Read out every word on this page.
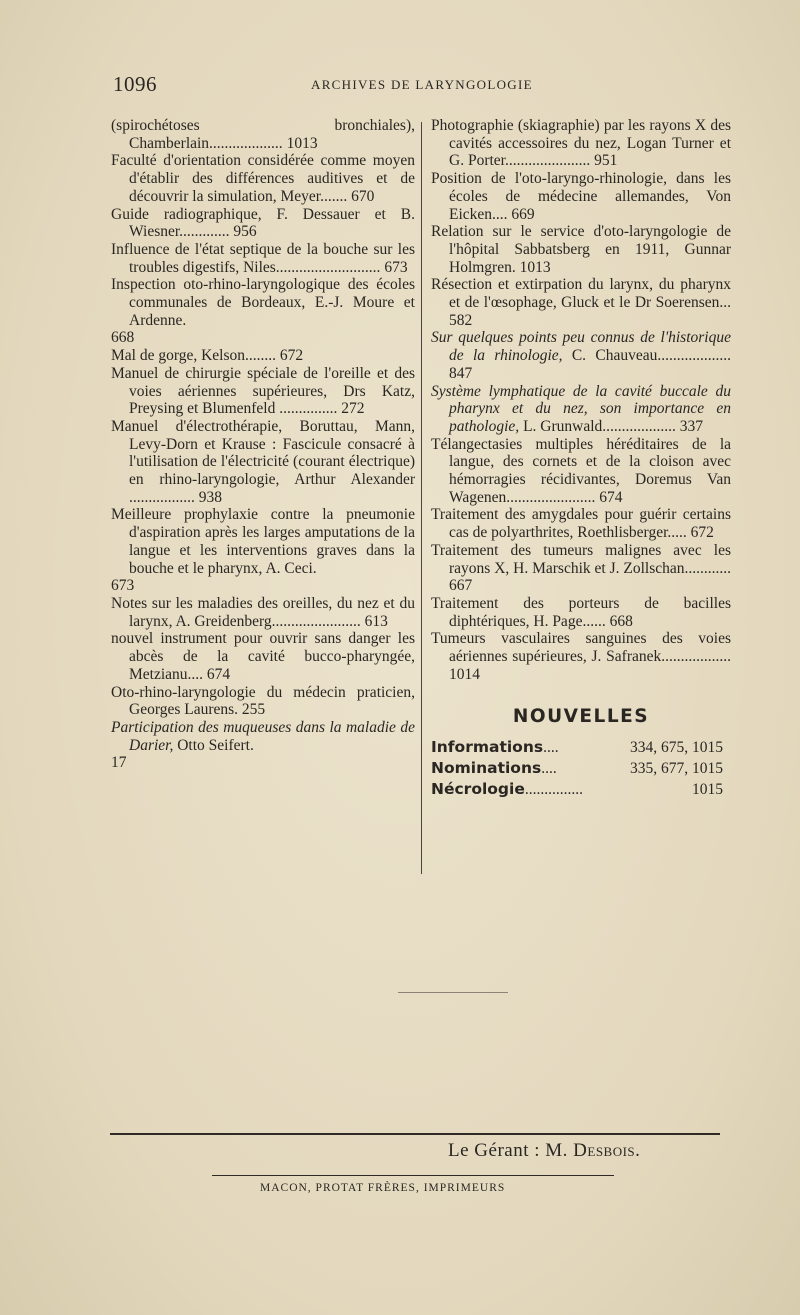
1096	ARCHIVES DE LARYNGOLOGIE
(spirochétoses bronchiales), Chamberlain................... 1013
Faculté d'orientation considérée comme moyen d'établir des différences auditives et de découvrir la simulation, Meyer....... 670
Guide radiographique, F. Dessauer et B. Wiesner............. 956
Influence de l'état septique de la bouche sur les troubles digestifs, Niles........................... 673
Inspection oto-rhino-laryngologique des écoles communales de Bordeaux, E.-J. Moure et Ardenne.
668
Mal de gorge, Kelson........ 672
Manuel de chirurgie spéciale de l'oreille et des voies aériennes supérieures, Drs Katz, Preysing et Blumenfeld ............... 272
Manuel d'électrothérapie, Boruttau, Mann, Levy-Dorn et Krause : Fascicule consacré à l'utilisation de l'électricité (courant électrique) en rhino-laryngologie, Arthur Alexander ................. 938
Meilleure prophylaxie contre la pneumonie d'aspiration après les larges amputations de la langue et les interventions graves dans la bouche et le pharynx, A. Ceci.
673
Notes sur les maladies des oreilles, du nez et du larynx, A. Greidenberg....................... 613
nouvel instrument pour ouvrir sans danger les abcès de la cavité bucco-pharyngée, Metzianu.... 674
Oto-rhino-laryngologie du médecin praticien, Georges Laurens. 255
Participation des muqueuses dans la maladie de Darier, Otto Seifert.
17
Photographie (skiagraphie) par les rayons X des cavités accessoires du nez, Logan Turner et G. Porter...................... 951
Position de l'oto-laryngo-rhinologie, dans les écoles de médecine allemandes, Von Eicken.... 669
Relation sur le service d'oto-laryngologie de l'hôpital Sabbatsberg en 1911, Gunnar Holmgren. 1013
Résection et extirpation du larynx, du pharynx et de l'œsophage, Gluck et le Dr Soerensen... 582
Sur quelques points peu connus de l'historique de la rhinologie, C. Chauveau................... 847
Système lymphatique de la cavité buccale du pharynx et du nez, son importance en pathologie, L. Grunwald................... 337
Télangectasies multiples héréditaires de la langue, des cornets et de la cloison avec hémorragies récidivantes, Doremus Van Wagenen....................... 674
Traitement des amygdales pour guérir certains cas de polyarthrites, Roethlisberger..... 672
Traitement des tumeurs malignes avec les rayons X, H. Marschik et J. Zollschan............ 667
Traitement des porteurs de bacilles diphtériques, H. Page...... 668
Tumeurs vasculaires sanguines des voies aériennes supérieures, J. Safranek.................. 1014
NOUVELLES
Informations ....	334, 675, 1015
Nominations ....	335, 677, 1015
Nécrologie ...............	1015
Le Gérant : M. Desbois.
MACON, PROTAT FRÈRES, IMPRIMEURS
